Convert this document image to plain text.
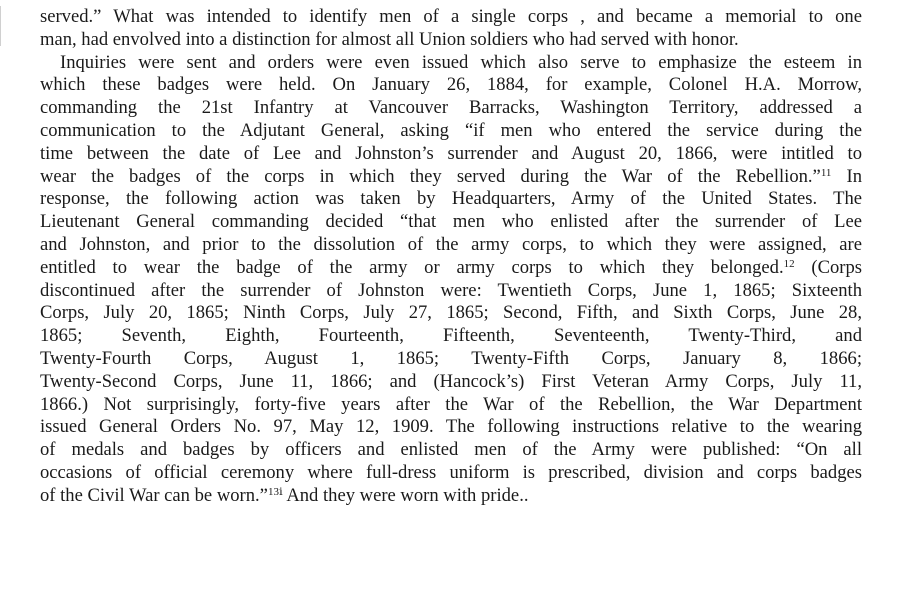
served.” What was intended to identify men of a single corps , and became a memorial to one
man, had envolved into a distinction for almost all Union soldiers who had served with honor.
Inquiries were sent and orders were even issued which also serve to emphasize the esteem in
which these badges were held. On January 26, 1884, for example, Colonel H.A. Morrow,
commanding the 21st Infantry at Vancouver Barracks, Washington Territory, addressed a
communication to the Adjutant General, asking “if men who entered the service during the
time between the date of Lee and Johnston’s surrender and August 20, 1866, were intitled to
wear the badges of the corps in which they served during the War of the Rebellion.”$^{11}$ In
response, the following action was taken by Headquarters, Army of the United States. The
Lieutenant General commanding decided “that men who enlisted after the surrender of Lee
and Johnston, and prior to the dissolution of the army corps, to which they were assigned, are
entitled to wear the badge of the army or army corps to which they belonged.$^{12}$ (Corps
discontinued after the surrender of Johnston were: Twentieth Corps, June 1, 1865; Sixteenth
Corps, July 20, 1865; Ninth Corps, July 27, 1865; Second, Fifth, and Sixth Corps, June 28,
1865; Seventh, Eighth, Fourteenth, Fifteenth, Seventeenth, Twenty-Third, and
Twenty-Fourth Corps, August 1, 1865; Twenty-Fifth Corps, January 8, 1866;
Twenty-Second Corps, June 11, 1866; and (Hancock’s) First Veteran Army Corps, July 11,
1866.) Not surprisingly, forty-five years after the War of the Rebellion, the War Department
issued General Orders No. 97, May 12, 1909. The following instructions relative to the wearing
of medals and badges by officers and enlisted men of the Army were published: “On all
occasions of official ceremony where full-dress uniform is prescribed, division and corps badges
of the Civil War can be worn.”$^{13}$ⁱ And they were worn with pride..
